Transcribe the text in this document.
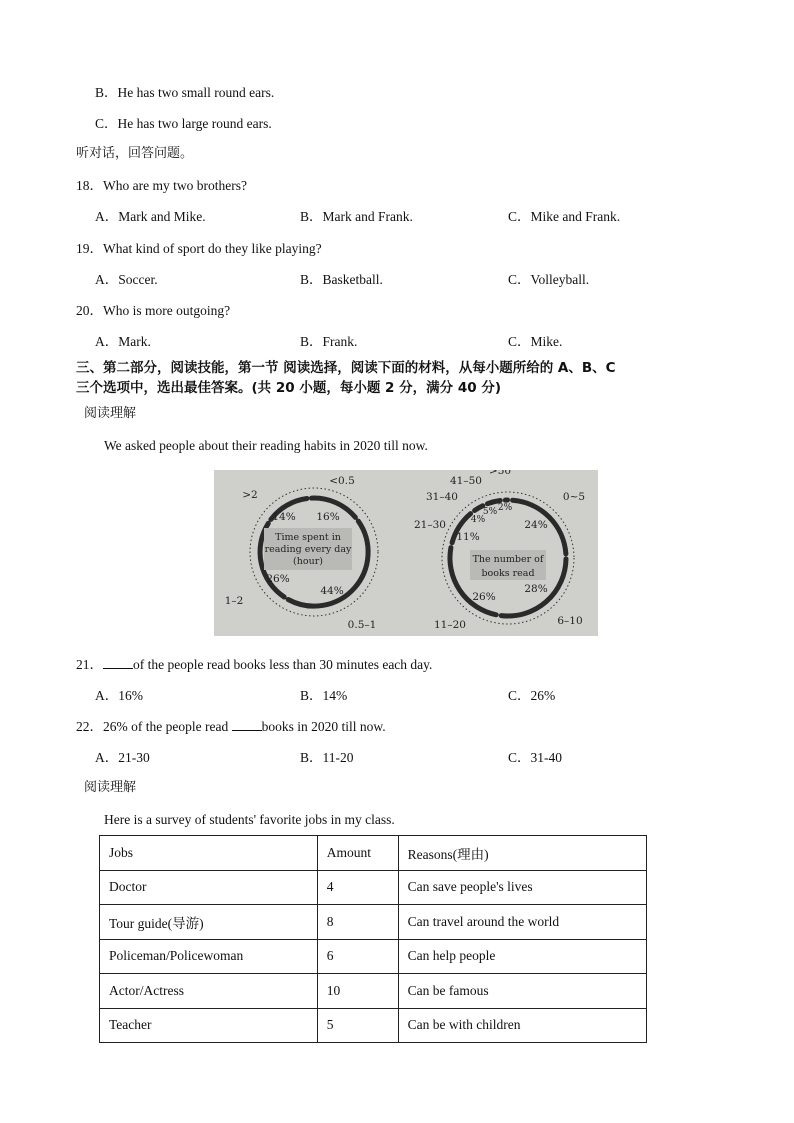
B．He has two small round ears.
C．He has two large round ears.
听对话，回答问题。
18．Who are my two brothers?
A．Mark and Mike.	B．Mark and Frank.	C．Mike and Frank.
19．What kind of sport do they like playing?
A．Soccer.	B．Basketball.	C．Volleyball.
20．Who is more outgoing?
A．Mark.	B．Frank.	C．Mike.
三、第二部分，阅读技能，第一节 阅读选择，阅读下面的材料，从每小题所给的 A、B、C
三个选项中，选出最佳答案。(共 20 小题，每小题 2 分，满分 40 分)
阅读理解
We asked people about their reading habits in 2020 till now.
Time spent in
reading every day
(hour)	The number of
books read
16%
<0.5
44%
0.5–1
26%
1–2
14%
>2
24%
0~5
28%
6–10
26%
11–20
11%
21–30	4%
31–40
5%
41–50
2%
>50
21． of the people read books less than 30 minutes each day.
A．16%	B．14%	C．26%
22．26% of the people read books in 2020 till now.
A．21-30	B．11-20	C．31-40
阅读理解
Here is a survey of students' favorite jobs in my class.
Jobs	Amount	Reasons(理由)
Doctor	4	Can save people's lives
Tour guide(导游)	8	Can travel around the world
Policeman/Policewoman	6	Can help people
Actor/Actress	10	Can be famous
Teacher	5	Can be with children
